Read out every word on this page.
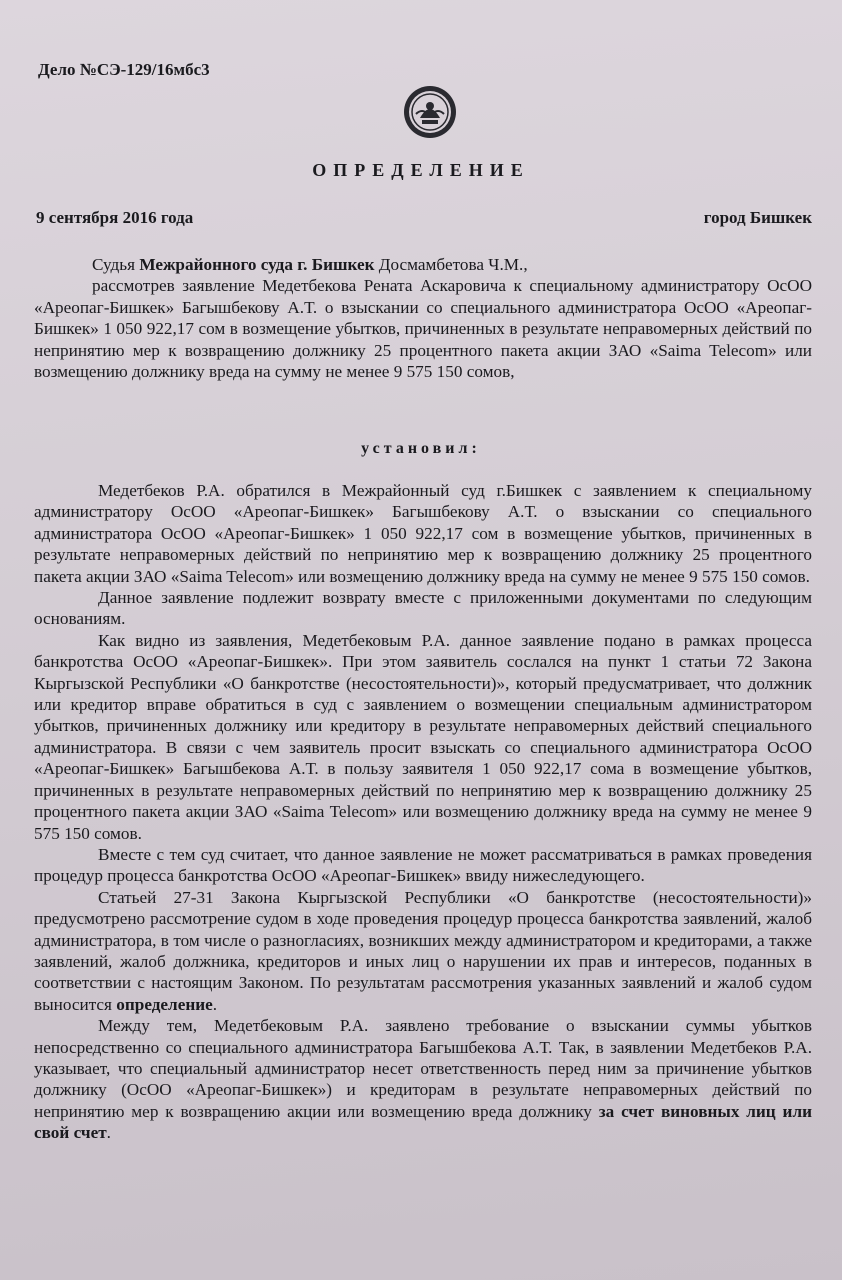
Дело №СЭ-129/16мбс3
ОПРЕДЕЛЕНИЕ
9 сентября 2016 года	город Бишкек

Судья Межрайонного суда г. Бишкек Досмамбетова Ч.М.,

рассмотрев заявление Медетбекова Рената Аскаровича к специальному администратору ОсОО «Ареопаг-Бишкек» Багышбекову А.Т. о взыскании со специального администратора ОсОО «Ареопаг-Бишкек» 1 050 922,17 сом в возмещение убытков, причиненных в результате неправомерных действий по непринятию мер к возвращению должнику 25 процентного пакета акции ЗАО «Saima Telecom» или возмещению должнику вреда на сумму не менее 9 575 150 сомов,

установил:

Медетбеков Р.А. обратился в Межрайонный суд г.Бишкек с заявлением к специальному администратору ОсОО «Ареопаг-Бишкек» Багышбекову А.Т. о взыскании со специального администратора ОсОО «Ареопаг-Бишкек» 1 050 922,17 сом в возмещение убытков, причиненных в результате неправомерных действий по непринятию мер к возвращению должнику 25 процентного пакета акции ЗАО «Saima Telecom» или возмещению должнику вреда на сумму не менее 9 575 150 сомов.

Данное заявление подлежит возврату вместе с приложенными документами по следующим основаниям.

Как видно из заявления, Медетбековым Р.А. данное заявление подано в рамках процесса банкротства ОсОО «Ареопаг-Бишкек». При этом заявитель сослался на пункт 1 статьи 72 Закона Кыргызской Республики «О банкротстве (несостоятельности)», который предусматривает, что должник или кредитор вправе обратиться в суд с заявлением о возмещении специальным администратором убытков, причиненных должнику или кредитору в результате неправомерных действий специального администратора. В связи с чем заявитель просит взыскать со специального администратора ОсОО «Ареопаг-Бишкек» Багышбекова А.Т. в пользу заявителя 1 050 922,17 сома в возмещение убытков, причиненных в результате неправомерных действий по непринятию мер к возвращению должнику 25 процентного пакета акции ЗАО «Saima Telecom» или возмещению должнику вреда на сумму не менее 9 575 150 сомов.

Вместе с тем суд считает, что данное заявление не может рассматриваться в рамках проведения процедур процесса банкротства ОсОО «Ареопаг-Бишкек» ввиду нижеследующего.

Статьей 27-31 Закона Кыргызской Республики «О банкротстве (несостоятельности)» предусмотрено рассмотрение судом в ходе проведения процедур процесса банкротства заявлений, жалоб администратора, в том числе о разногласиях, возникших между администратором и кредиторами, а также заявлений, жалоб должника, кредиторов и иных лиц о нарушении их прав и интересов, поданных в соответствии с настоящим Законом. По результатам рассмотрения указанных заявлений и жалоб судом выносится определение.

Между тем, Медетбековым Р.А. заявлено требование о взыскании суммы убытков непосредственно со специального администратора Багышбекова А.Т. Так, в заявлении Медетбеков Р.А. указывает, что специальный администратор несет ответственность перед ним за причинение убытков должнику (ОсОО «Ареопаг-Бишкек») и кредиторам в результате неправомерных действий по непринятию мер к возвращению акции или возмещению вреда должнику за счет виновных лиц или свой счет.
